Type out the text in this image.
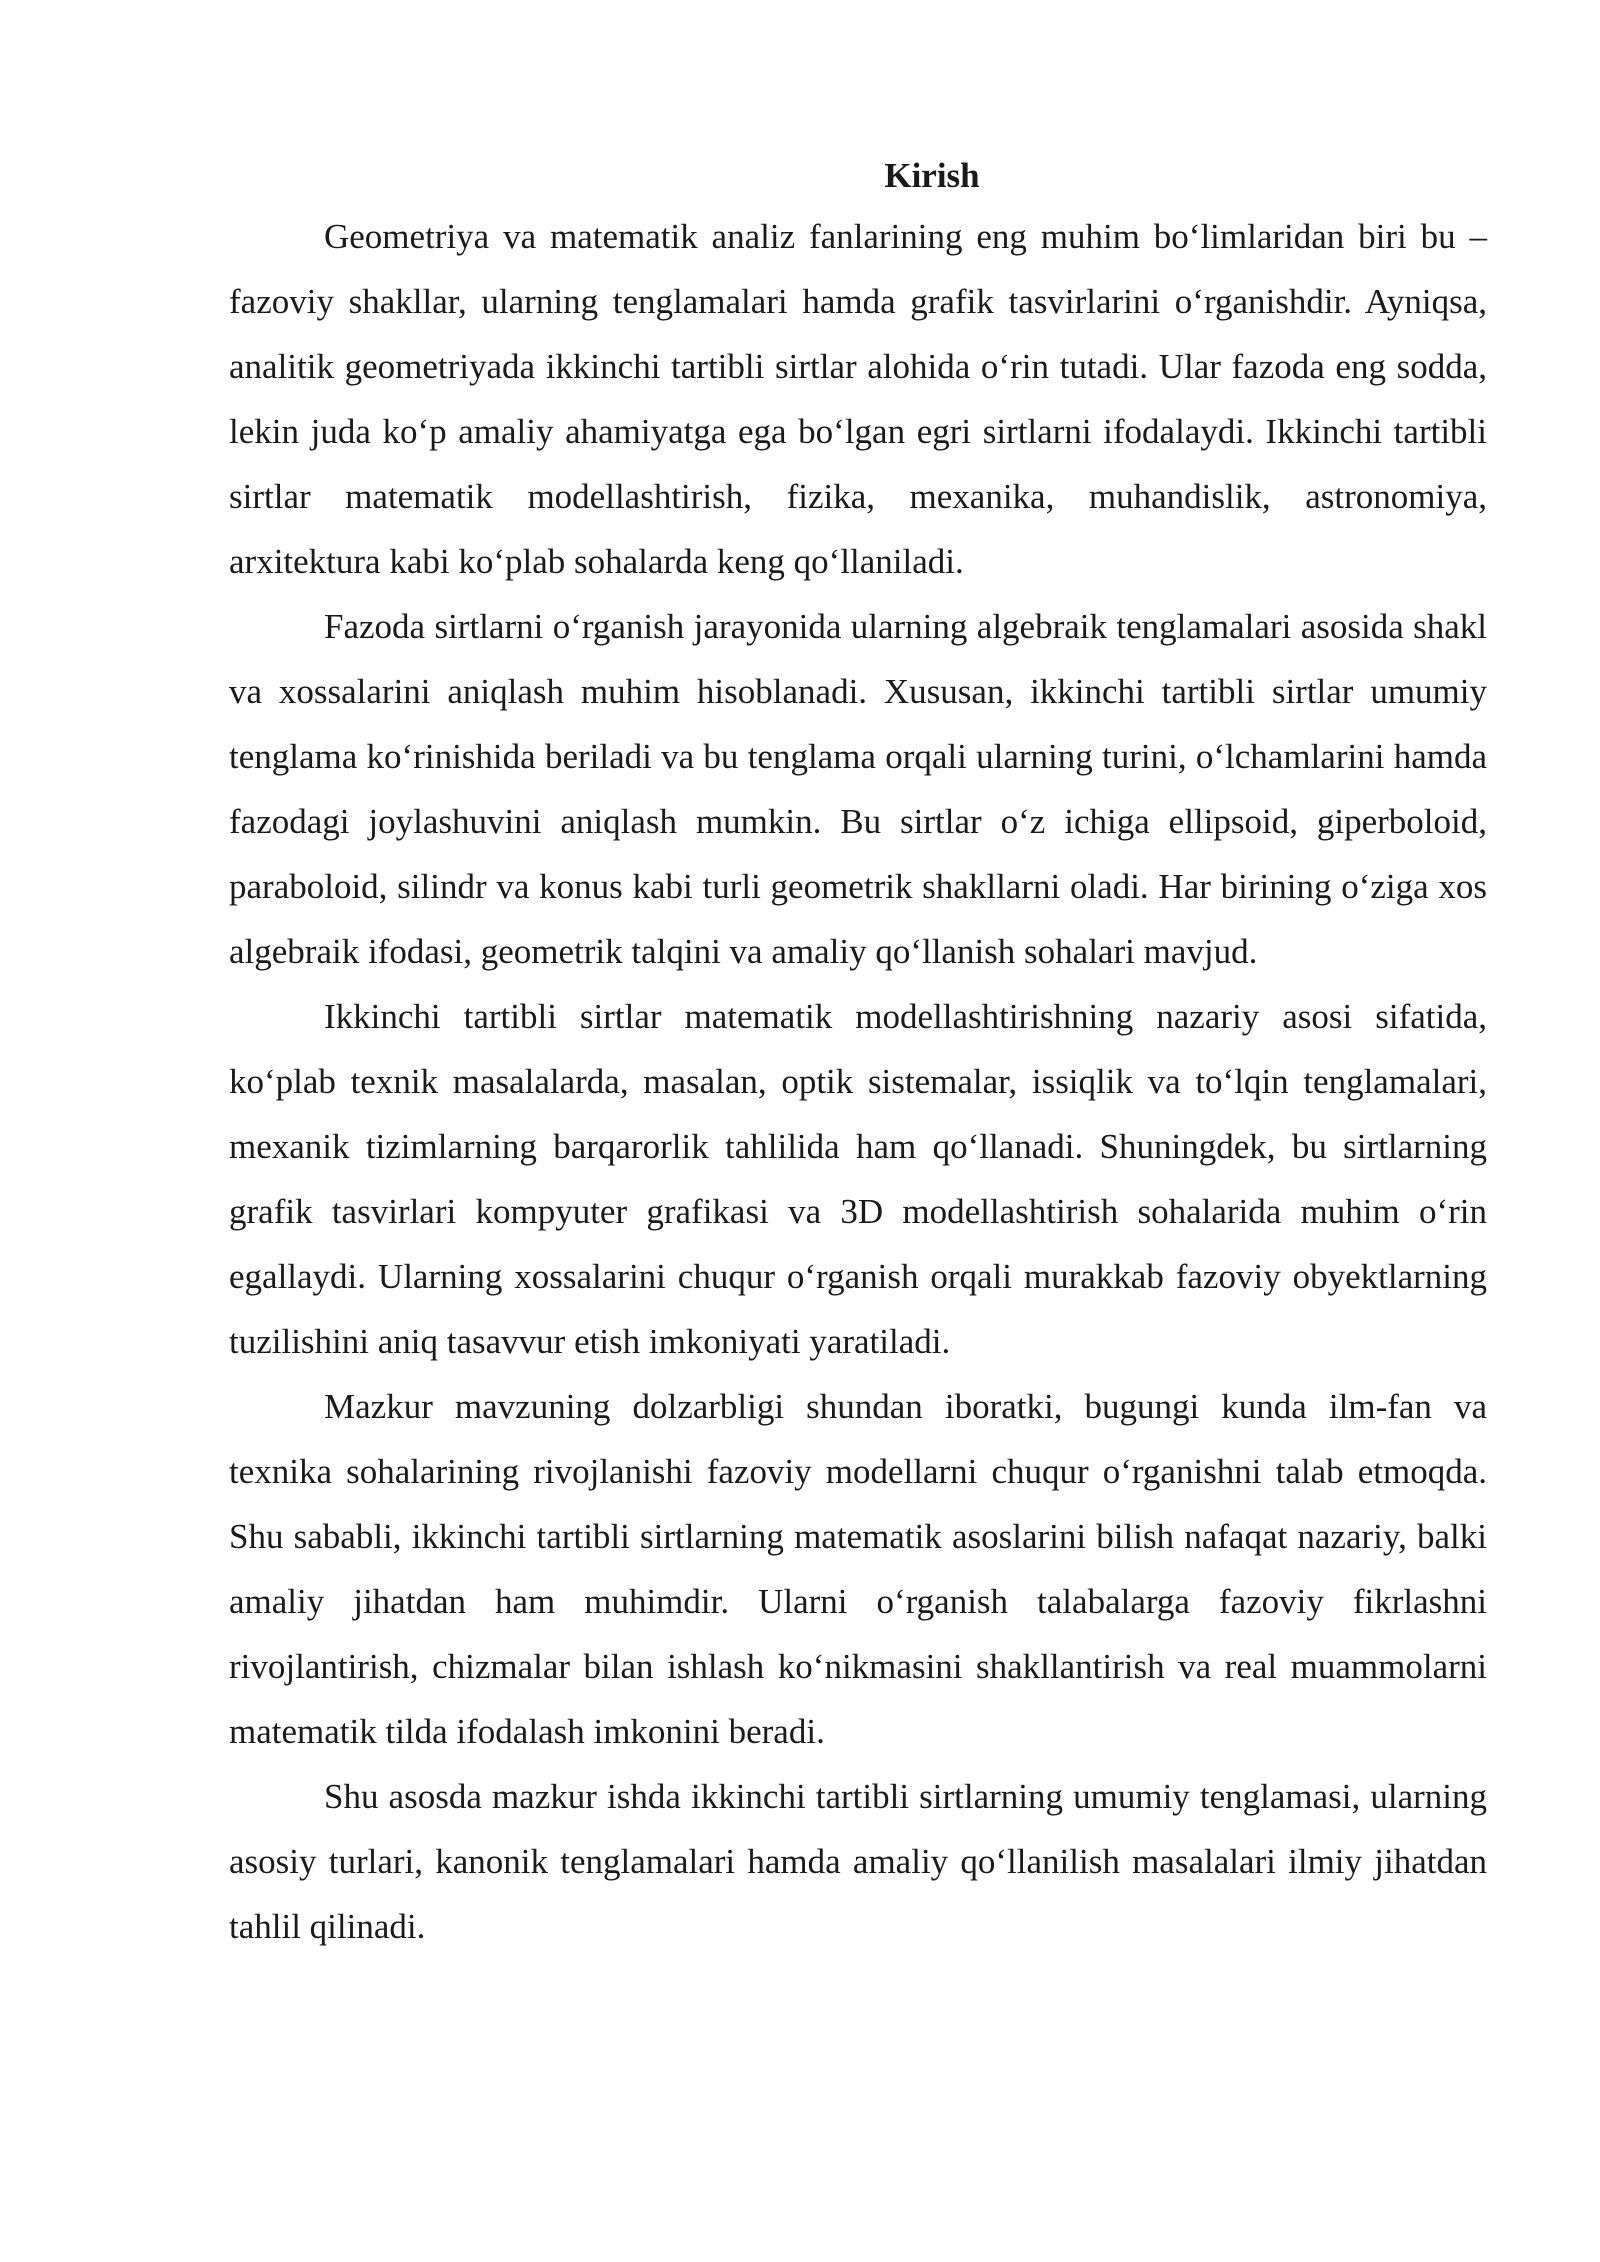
Kirish

Geometriya va matematik analiz fanlarining eng muhim bo‘limlaridan biri bu – fazoviy shakllar, ularning tenglamalari hamda grafik tasvirlarini o‘rganishdir. Ayniqsa, analitik geometriyada ikkinchi tartibli sirtlar alohida o‘rin tutadi. Ular fazoda eng sodda, lekin juda ko‘p amaliy ahamiyatga ega bo‘lgan egri sirtlarni ifodalaydi. Ikkinchi tartibli sirtlar matematik modellashtirish, fizika, mexanika, muhandislik, astronomiya, arxitektura kabi ko‘plab sohalarda keng qo‘llaniladi.

Fazoda sirtlarni o‘rganish jarayonida ularning algebraik tenglamalari asosida shakl va xossalarini aniqlash muhim hisoblanadi. Xususan, ikkinchi tartibli sirtlar umumiy tenglama ko‘rinishida beriladi va bu tenglama orqali ularning turini, o‘lchamlarini hamda fazodagi joylashuvini aniqlash mumkin. Bu sirtlar o‘z ichiga ellipsoid, giperboloid, paraboloid, silindr va konus kabi turli geometrik shakllarni oladi. Har birining o‘ziga xos algebraik ifodasi, geometrik talqini va amaliy qo‘llanish sohalari mavjud.

Ikkinchi tartibli sirtlar matematik modellashtirishning nazariy asosi sifatida, ko‘plab texnik masalalarda, masalan, optik sistemalar, issiqlik va to‘lqin tenglamalari, mexanik tizimlarning barqarorlik tahlilida ham qo‘llanadi. Shuningdek, bu sirtlarning grafik tasvirlari kompyuter grafikasi va 3D modellashtirish sohalarida muhim o‘rin egallaydi. Ularning xossalarini chuqur o‘rganish orqali murakkab fazoviy obyektlarning tuzilishini aniq tasavvur etish imkoniyati yaratiladi.

Mazkur mavzuning dolzarbligi shundan iboratki, bugungi kunda ilm-fan va texnika sohalarining rivojlanishi fazoviy modellarni chuqur o‘rganishni talab etmoqda. Shu sababli, ikkinchi tartibli sirtlarning matematik asoslarini bilish nafaqat nazariy, balki amaliy jihatdan ham muhimdir. Ularni o‘rganish talabalarga fazoviy fikrlashni rivojlantirish, chizmalar bilan ishlash ko‘nikmasini shakllantirish va real muammolarni matematik tilda ifodalash imkonini beradi.

Shu asosda mazkur ishda ikkinchi tartibli sirtlarning umumiy tenglamasi, ularning asosiy turlari, kanonik tenglamalari hamda amaliy qo‘llanilish masalalari ilmiy jihatdan tahlil qilinadi.
